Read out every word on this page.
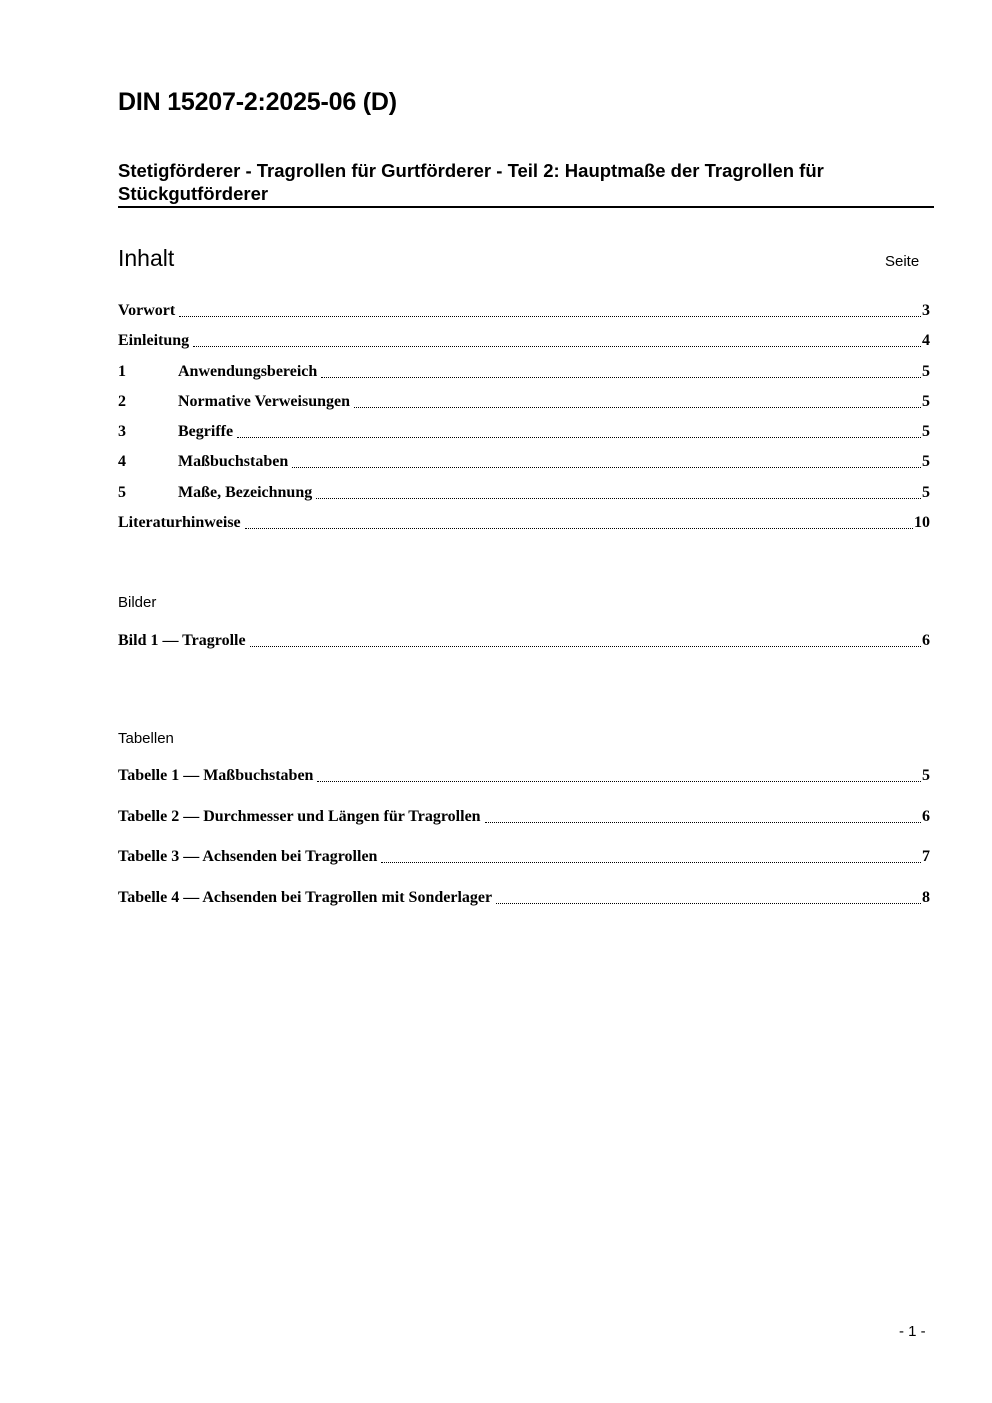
DIN 15207-2:2025-06 (D)
Stetigförderer - Tragrollen für Gurtförderer - Teil 2: Hauptmaße der Tragrollen für Stückgutförderer
Inhalt	Seite
Vorwort	3
Einleitung	4
1	Anwendungsbereich	5
2	Normative Verweisungen	5
3	Begriffe	5
4	Maßbuchstaben	5
5	Maße, Bezeichnung	5
Literaturhinweise	10
Bilder
Bild 1 — Tragrolle	6
Tabellen
Tabelle 1 — Maßbuchstaben	5
Tabelle 2 — Durchmesser und Längen für Tragrollen	6
Tabelle 3 — Achsenden bei Tragrollen	7
Tabelle 4 — Achsenden bei Tragrollen mit Sonderlager	8
- 1 -
